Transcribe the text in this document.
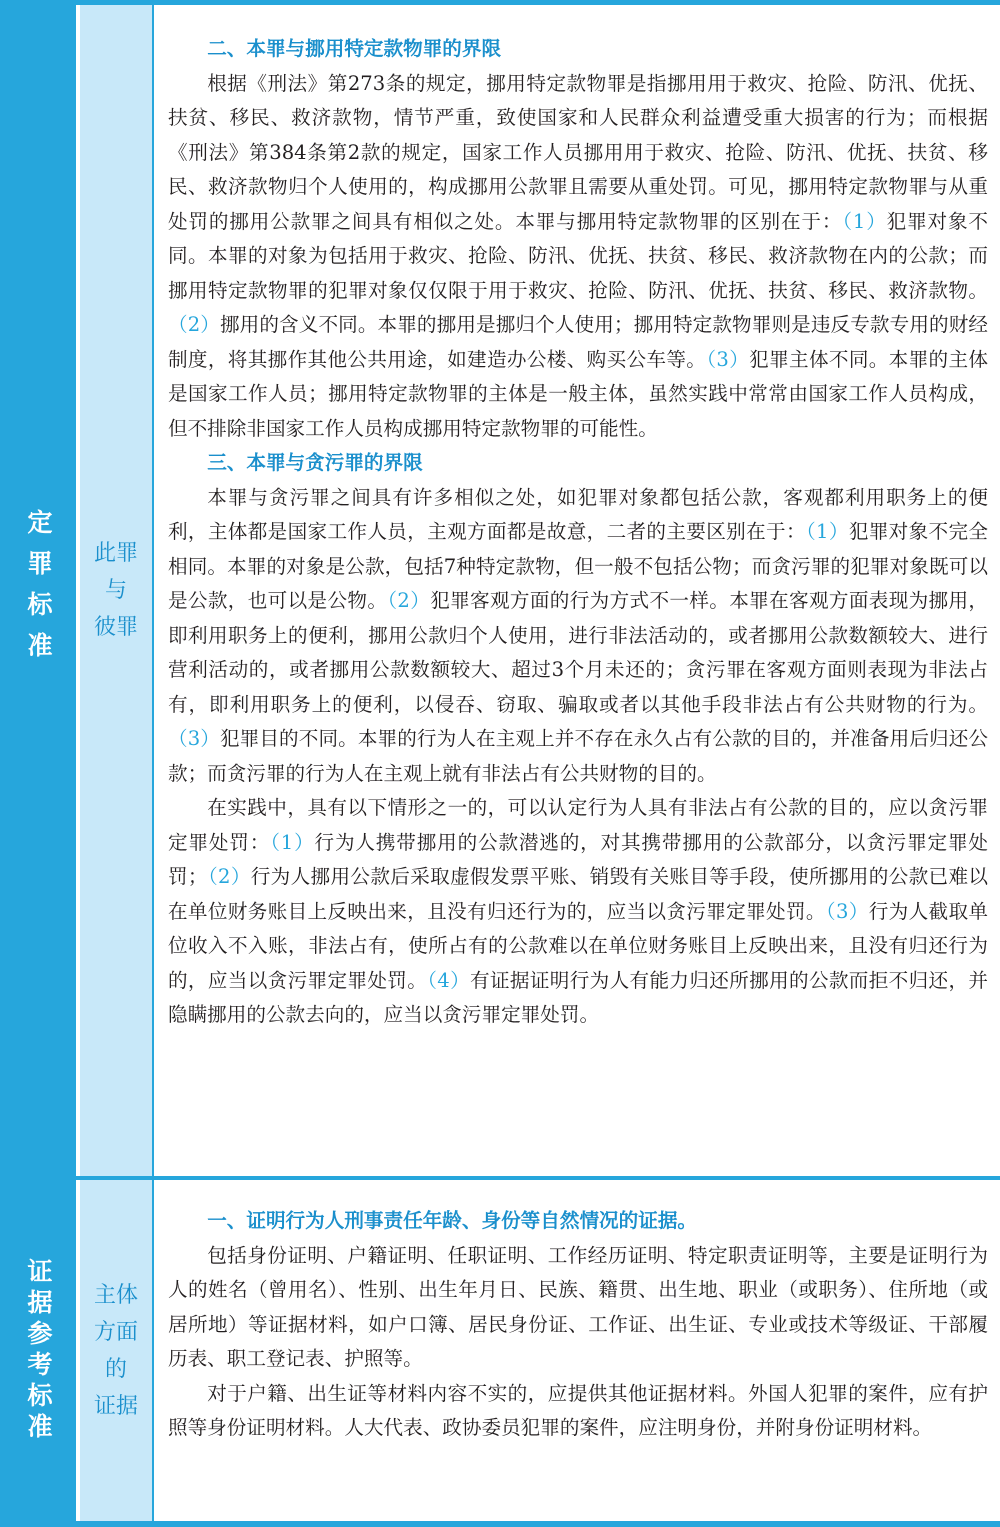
定罪标准 此罪
与
彼罪
二、本罪与挪用特定款物罪的界限

根据《刑法》第273条的规定，挪用特定款物罪是指挪用用于救灾、抢险、防汛、优抚、扶贫、移民、救济款物，情节严重，致使国家和人民群众利益遭受重大损害的行为；而根据《刑法》第384条第2款的规定，国家工作人员挪用用于救灾、抢险、防汛、优抚、扶贫、移民、救济款物归个人使用的，构成挪用公款罪且需要从重处罚。可见，挪用特定款物罪与从重处罚的挪用公款罪之间具有相似之处。本罪与挪用特定款物罪的区别在于：（1）犯罪对象不同。本罪的对象为包括用于救灾、抢险、防汛、优抚、扶贫、移民、救济款物在内的公款；而挪用特定款物罪的犯罪对象仅仅限于用于救灾、抢险、防汛、优抚、扶贫、移民、救济款物。（2）挪用的含义不同。本罪的挪用是挪归个人使用；挪用特定款物罪则是违反专款专用的财经制度，将其挪作其他公共用途，如建造办公楼、购买公车等。（3）犯罪主体不同。本罪的主体是国家工作人员；挪用特定款物罪的主体是一般主体，虽然实践中常常由国家工作人员构成，但不排除非国家工作人员构成挪用特定款物罪的可能性。

三、本罪与贪污罪的界限

本罪与贪污罪之间具有许多相似之处，如犯罪对象都包括公款，客观都利用职务上的便利，主体都是国家工作人员，主观方面都是故意，二者的主要区别在于：（1）犯罪对象不完全相同。本罪的对象是公款，包括7种特定款物，但一般不包括公物；而贪污罪的犯罪对象既可以是公款，也可以是公物。（2）犯罪客观方面的行为方式不一样。本罪在客观方面表现为挪用，即利用职务上的便利，挪用公款归个人使用，进行非法活动的，或者挪用公款数额较大、进行营利活动的，或者挪用公款数额较大、超过3个月未还的；贪污罪在客观方面则表现为非法占有，即利用职务上的便利，以侵吞、窃取、骗取或者以其他手段非法占有公共财物的行为。（3）犯罪目的不同。本罪的行为人在主观上并不存在永久占有公款的目的，并准备用后归还公款；而贪污罪的行为人在主观上就有非法占有公共财物的目的。

在实践中，具有以下情形之一的，可以认定行为人具有非法占有公款的目的，应以贪污罪定罪处罚：（1）行为人携带挪用的公款潜逃的，对其携带挪用的公款部分，以贪污罪定罪处罚；（2）行为人挪用公款后采取虚假发票平账、销毁有关账目等手段，使所挪用的公款已难以在单位财务账目上反映出来，且没有归还行为的，应当以贪污罪定罪处罚。（3）行为人截取单位收入不入账，非法占有，使所占有的公款难以在单位财务账目上反映出来，且没有归还行为的，应当以贪污罪定罪处罚。（4）有证据证明行为人有能力归还所挪用的公款而拒不归还，并隐瞒挪用的公款去向的，应当以贪污罪定罪处罚。

证据参考标准 主体
方面
的
证据
一、证明行为人刑事责任年龄、身份等自然情况的证据。

包括身份证明、户籍证明、任职证明、工作经历证明、特定职责证明等，主要是证明行为人的姓名（曾用名）、性别、出生年月日、民族、籍贯、出生地、职业（或职务）、住所地（或居所地）等证据材料，如户口簿、居民身份证、工作证、出生证、专业或技术等级证、干部履历表、职工登记表、护照等。

对于户籍、出生证等材料内容不实的，应提供其他证据材料。外国人犯罪的案件，应有护照等身份证明材料。人大代表、政协委员犯罪的案件，应注明身份，并附身份证明材料。
